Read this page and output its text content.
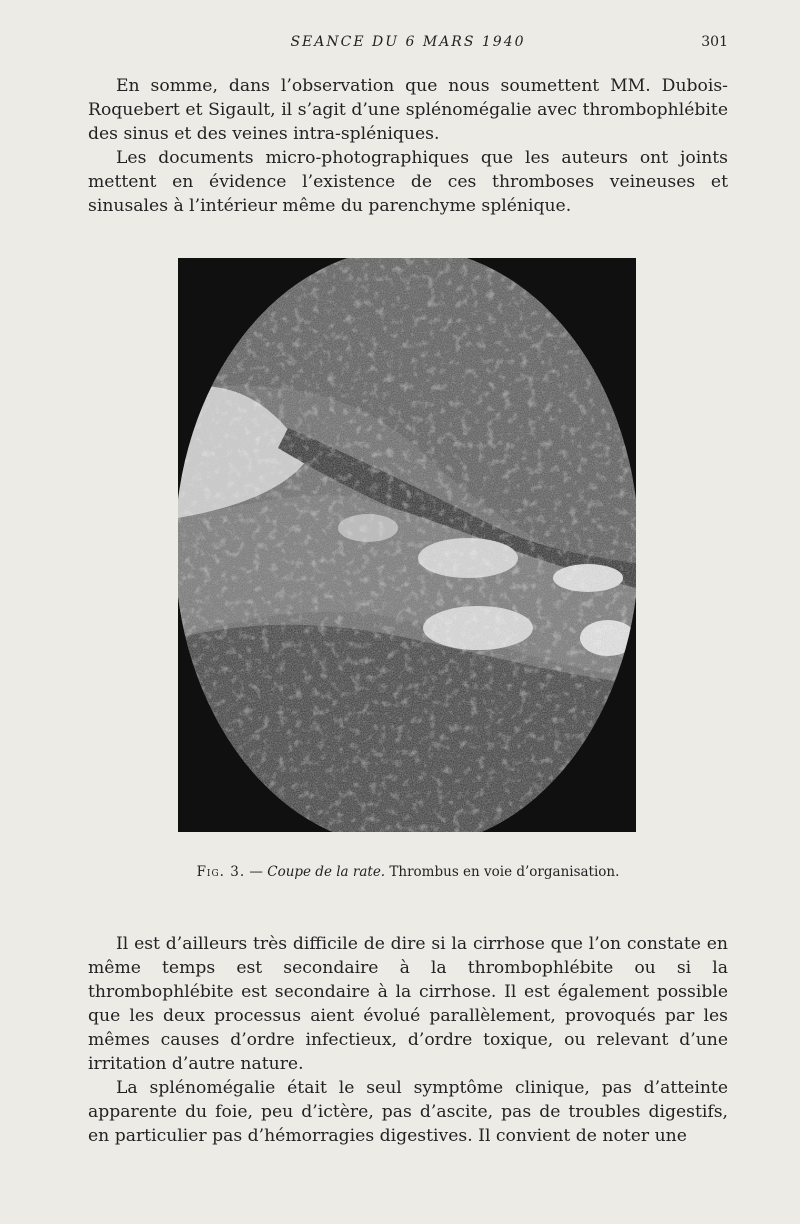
SEANCE DU 6 MARS 1940	301

En somme, dans l’observation que nous soumettent MM. Dubois-Roquebert et Sigault, il s’agit d’une splénomégalie avec thrombophlébite des sinus et des veines intra-spléniques.

Les documents micro-photographiques que les auteurs ont joints mettent en évidence l’existence de ces thromboses veineuses et sinusales à l’intérieur même du parenchyme splénique.

Fig. 3. — Coupe de la rate. Thrombus en voie d’organisation.

Il est d’ailleurs très difficile de dire si la cirrhose que l’on constate en même temps est secondaire à la thrombophlébite ou si la thrombophlébite est secondaire à la cirrhose. Il est également possible que les deux processus aient évolué parallèlement, provoqués par les mêmes causes d’ordre infectieux, d’ordre toxique, ou relevant d’une irritation d’autre nature.

La splénomégalie était le seul symptôme clinique, pas d’atteinte apparente du foie, peu d’ictère, pas d’ascite, pas de troubles digestifs, en particulier pas d’hémorragies digestives. Il convient de noter une
